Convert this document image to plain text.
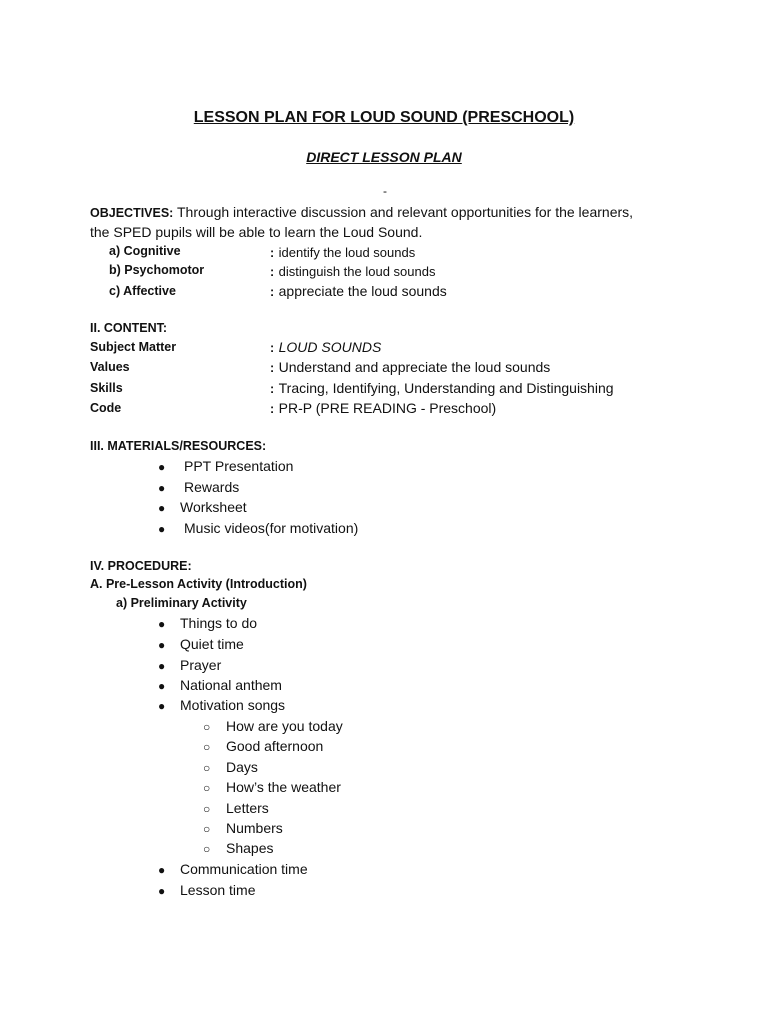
LESSON PLAN FOR LOUD SOUND (PRESCHOOL)
DIRECT LESSON PLAN
-
OBJECTIVES: Through interactive discussion and relevant opportunities for the learners,
the SPED pupils will be able to learn the Loud Sound.
a) Cognitive	: identify the loud sounds
b) Psychomotor	: distinguish the loud sounds
c) Affective	: appreciate the loud sounds
II. CONTENT:
Subject Matter	: LOUD SOUNDS
Values	: Understand and appreciate the loud sounds
Skills	: Tracing, Identifying, Understanding and Distinguishing
Code	: PR-P (PRE READING - Preschool)
III. MATERIALS/RESOURCES:
● PPT Presentation
● Rewards
● Worksheet
● Music videos(for motivation)
IV. PROCEDURE:
A. Pre-Lesson Activity (Introduction)
a) Preliminary Activity
● Things to do
● Quiet time
● Prayer
● National anthem
● Motivation songs
○ How are you today
○ Good afternoon
○ Days
○ How’s the weather
○ Letters
○ Numbers
○ Shapes
● Communication time
● Lesson time
